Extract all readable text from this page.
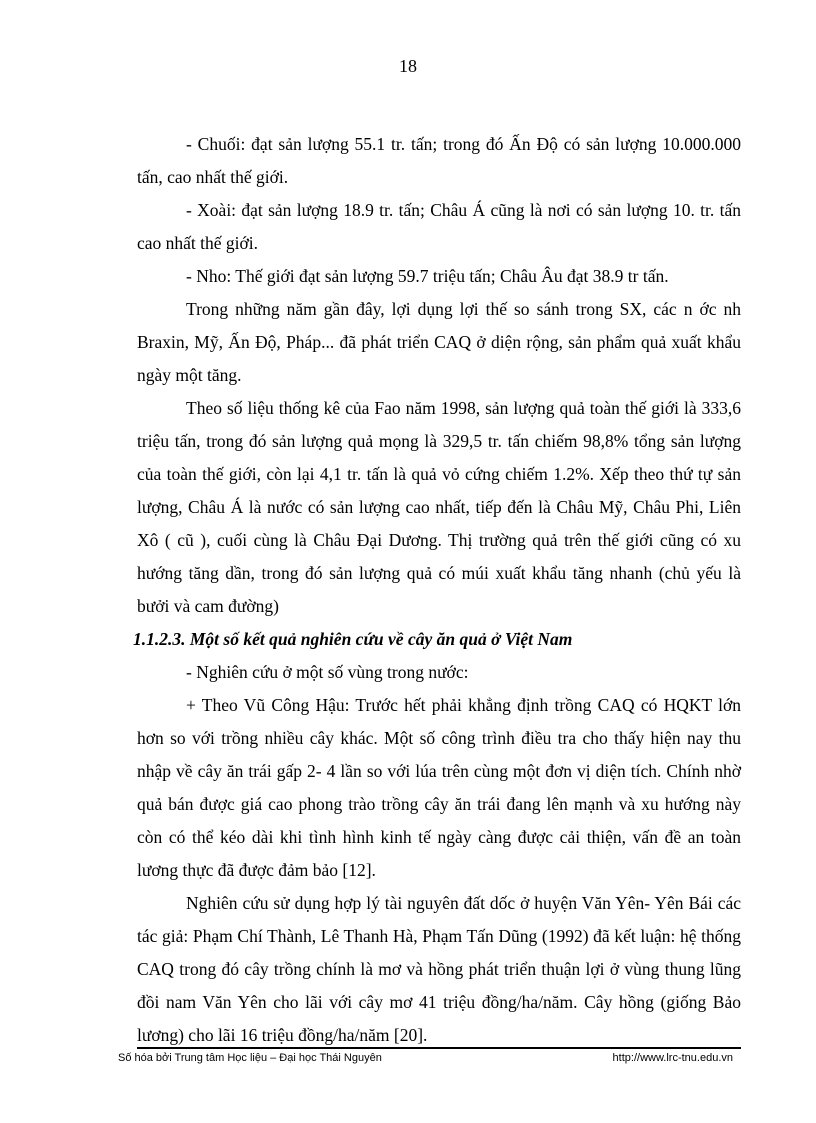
18

- Chuối: đạt sản lượng 55.1 tr. tấn; trong đó Ấn Độ có sản lượng 10.000.000 tấn, cao nhất thế giới.

- Xoài: đạt sản lượng 18.9 tr. tấn; Châu Á cũng là nơi có sản lượng 10. tr. tấn cao nhất thế giới.

- Nho: Thế giới đạt sản lượng 59.7 triệu tấn; Châu Âu đạt 38.9 tr tấn.

Trong những năm gần đây, lợi dụng lợi thế so sánh trong SX, các n ớc nh Braxin, Mỹ, Ấn Độ, Pháp... đã phát triển CAQ ở diện rộng, sản phẩm quả xuất khẩu ngày một tăng.

Theo số liệu thống kê của Fao năm 1998, sản lượng quả toàn thế giới là 333,6 triệu tấn, trong đó sản lượng quả mọng là 329,5 tr. tấn chiếm 98,8% tổng sản lượng của toàn thế giới, còn lại 4,1 tr. tấn là quả vỏ cứng chiếm 1.2%. Xếp theo thứ tự sản lượng, Châu Á là nước có sản lượng cao nhất, tiếp đến là Châu Mỹ, Châu Phi, Liên Xô ( cũ ), cuối cùng là Châu Đại Dương. Thị trường quả trên thế giới cũng có xu hướng tăng dần, trong đó sản lượng quả có múi xuất khẩu tăng nhanh (chủ yếu là bưởi và cam đường)

1.1.2.3. Một số kết quả nghiên cứu về cây ăn quả ở Việt Nam

- Nghiên cứu ở một số vùng trong nước:

+ Theo Vũ Công Hậu: Trước hết phải khẳng định trồng CAQ có HQKT lớn hơn so với trồng nhiều cây khác. Một số công trình điều tra cho thấy hiện nay thu nhập về cây ăn trái gấp 2- 4 lần so với lúa trên cùng một đơn vị diện tích. Chính nhờ quả bán được giá cao phong trào trồng cây ăn trái đang lên mạnh và xu hướng này còn có thể kéo dài khi tình hình kinh tế ngày càng được cải thiện, vấn đề an toàn lương thực đã được đảm bảo [12].

Nghiên cứu sử dụng hợp lý tài nguyên đất dốc ở huyện Văn Yên- Yên Bái các tác giả: Phạm Chí Thành, Lê Thanh Hà, Phạm Tấn Dũng (1992) đã kết luận: hệ thống CAQ trong đó cây trồng chính là mơ và hồng phát triển thuận lợi ở vùng thung lũng đồi nam Văn Yên cho lãi với cây mơ 41 triệu đồng/ha/năm. Cây hồng (giống Bảo lương) cho lãi 16 triệu đồng/ha/năm [20].

Số hóa bởi Trung tâm Học liệu – Đại học Thái Nguyên	http://www.lrc-tnu.edu.vn
